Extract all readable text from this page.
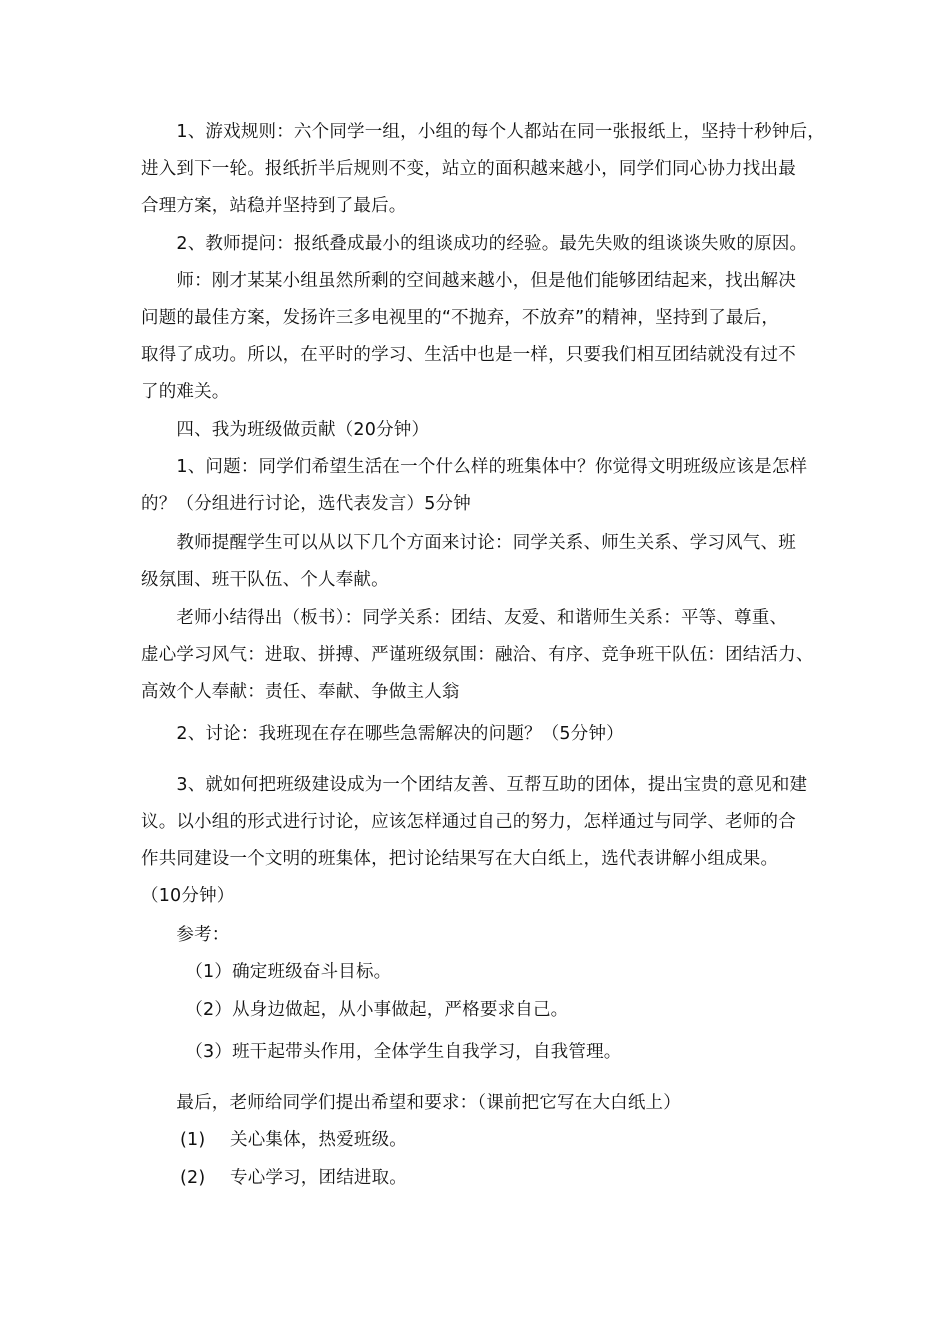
　　1、游戏规则：六个同学一组，小组的每个人都站在同一张报纸上，坚持十秒钟后，
进入到下一轮。报纸折半后规则不变，站立的面积越来越小，同学们同心协力找出最
合理方案，站稳并坚持到了最后。
　　2、教师提问：报纸叠成最小的组谈成功的经验。最先失败的组谈谈失败的原因。
　　师：刚才某某小组虽然所剩的空间越来越小，但是他们能够团结起来，找出解决
问题的最佳方案，发扬许三多电视里的“不抛弃，不放弃”的精神，坚持到了最后，
取得了成功。所以，在平时的学习、生活中也是一样，只要我们相互团结就没有过不
了的难关。
　　四、我为班级做贡献（20分钟）
　　1、问题：同学们希望生活在一个什么样的班集体中？你觉得文明班级应该是怎样
的？（分组进行讨论，选代表发言）5分钟
　　教师提醒学生可以从以下几个方面来讨论：同学关系、师生关系、学习风气、班
级氛围、班干队伍、个人奉献。
　　老师小结得出（板书）：同学关系：团结、友爱、和谐师生关系：平等、尊重、
虚心学习风气：进取、拼搏、严谨班级氛围：融洽、有序、竞争班干队伍：团结活力、
高效个人奉献：责任、奉献、争做主人翁
　　2、讨论：我班现在存在哪些急需解决的问题？（5分钟）
　　3、就如何把班级建设成为一个团结友善、互帮互助的团体，提出宝贵的意见和建
议。以小组的形式进行讨论，应该怎样通过自己的努力，怎样通过与同学、老师的合
作共同建设一个文明的班集体，把讨论结果写在大白纸上，选代表讲解小组成果。
（10分钟）
　　参考：
　　　（1）确定班级奋斗目标。
　　　（2）从身边做起，从小事做起，严格要求自己。
　　　（3）班干起带头作用，全体学生自我学习，自我管理。
　　最后，老师给同学们提出希望和要求：（课前把它写在大白纸上）
(1) 关心集体，热爱班级。
(2) 专心学习，团结进取。
